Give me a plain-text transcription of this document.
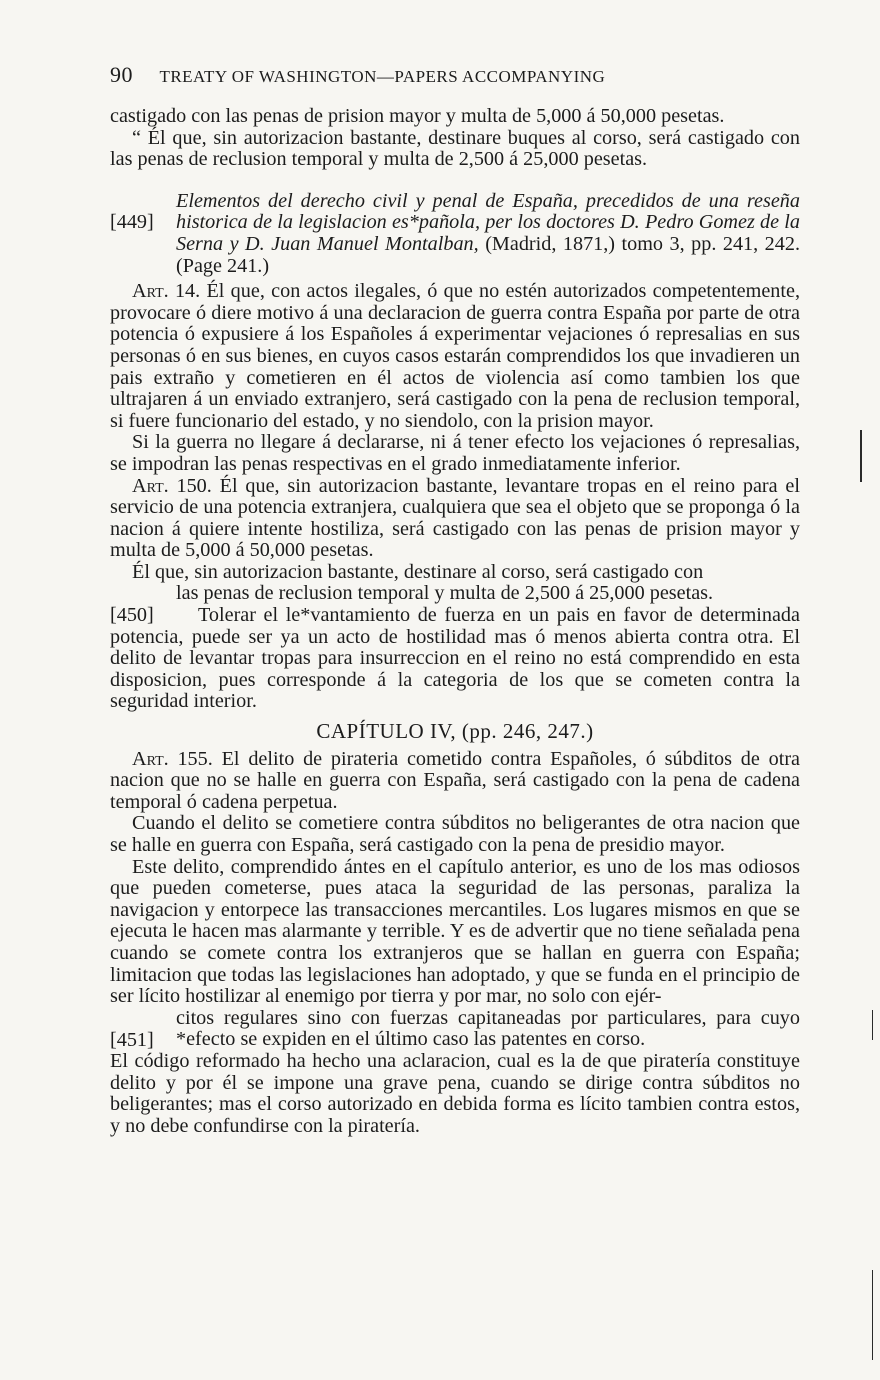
90 TREATY OF WASHINGTON—PAPERS ACCOMPANYING

castigado con las penas de prision mayor y multa de 5,000 á 50,000 pesetas.

“ Él que, sin autorizacion bastante, destinare buques al corso, será castigado con las penas de reclusion temporal y multa de 2,500 á 25,000 pesetas.

[449]
Elementos del derecho civil y penal de España, precedidos de una reseña historica de la legislacion es*pañola, per los doctores D. Pedro Gomez de la Serna y D. Juan Manuel Montalban, (Madrid, 1871,) tomo 3, pp. 241, 242. (Page 241.)

Art. 14. Él que, con actos ilegales, ó que no estén autorizados competentemente, provocare ó diere motivo á una declaracion de guerra contra España por parte de otra potencia ó expusiere á los Españoles á experimentar vejaciones ó represalias en sus personas ó en sus bienes, en cuyos casos estarán comprendidos los que invadieren un pais extraño y cometieren en él actos de violencia así como tambien los que ultrajaren á un enviado extranjero, será castigado con la pena de reclusion temporal, si fuere funcionario del estado, y no siendolo, con la prision mayor.

Si la guerra no llegare á declararse, ni á tener efecto los vejaciones ó represalias, se impodran las penas respectivas en el grado inmediatamente inferior.

Art. 150. Él que, sin autorizacion bastante, levantare tropas en el reino para el servicio de una potencia extranjera, cualquiera que sea el objeto que se proponga ó la nacion á quiere intente hostiliza, será castigado con las penas de prision mayor y multa de 5,000 á 50,000 pesetas.

Él que, sin autorizacion bastante, destinare al corso, será castigado con

las penas de reclusion temporal y multa de 2,500 á 25,000 pesetas.

[450]	Tolerar el le*vantamiento de fuerza en un pais en favor de determinada potencia, puede ser ya un acto de hostilidad mas ó menos abierta contra otra. El delito de levantar tropas para insurreccion en el reino no está comprendido en esta disposicion, pues corresponde á la categoria de los que se cometen contra la seguridad interior.

CAPÍTULO IV, (pp. 246, 247.)

Art. 155. El delito de pirateria cometido contra Españoles, ó súbditos de otra nacion que no se halle en guerra con España, será castigado con la pena de cadena temporal ó cadena perpetua.

Cuando el delito se cometiere contra súbditos no beligerantes de otra nacion que se halle en guerra con España, será castigado con la pena de presidio mayor.

Este delito, comprendido ántes en el capítulo anterior, es uno de los mas odiosos que pueden cometerse, pues ataca la seguridad de las personas, paraliza la navigacion y entorpece las transacciones mercantiles. Los lugares mismos en que se ejecuta le hacen mas alarmante y terrible. Y es de advertir que no tiene señalada pena cuando se comete contra los extranjeros que se hallan en guerra con España; limitacion que todas las legislaciones han adoptado, y que se funda en el principio de ser lícito hostilizar al enemigo por tierra y por mar, no solo con ejér-

[451]

citos regulares sino con fuerzas capitaneadas por particulares, para cuyo *efecto se expiden en el último caso las patentes en corso.

El código reformado ha hecho una aclaracion, cual es la de que piratería constituye delito y por él se impone una grave pena, cuando se dirige contra súbditos no beligerantes; mas el corso autorizado en debida forma es lícito tambien contra estos, y no debe confundirse con la piratería.
